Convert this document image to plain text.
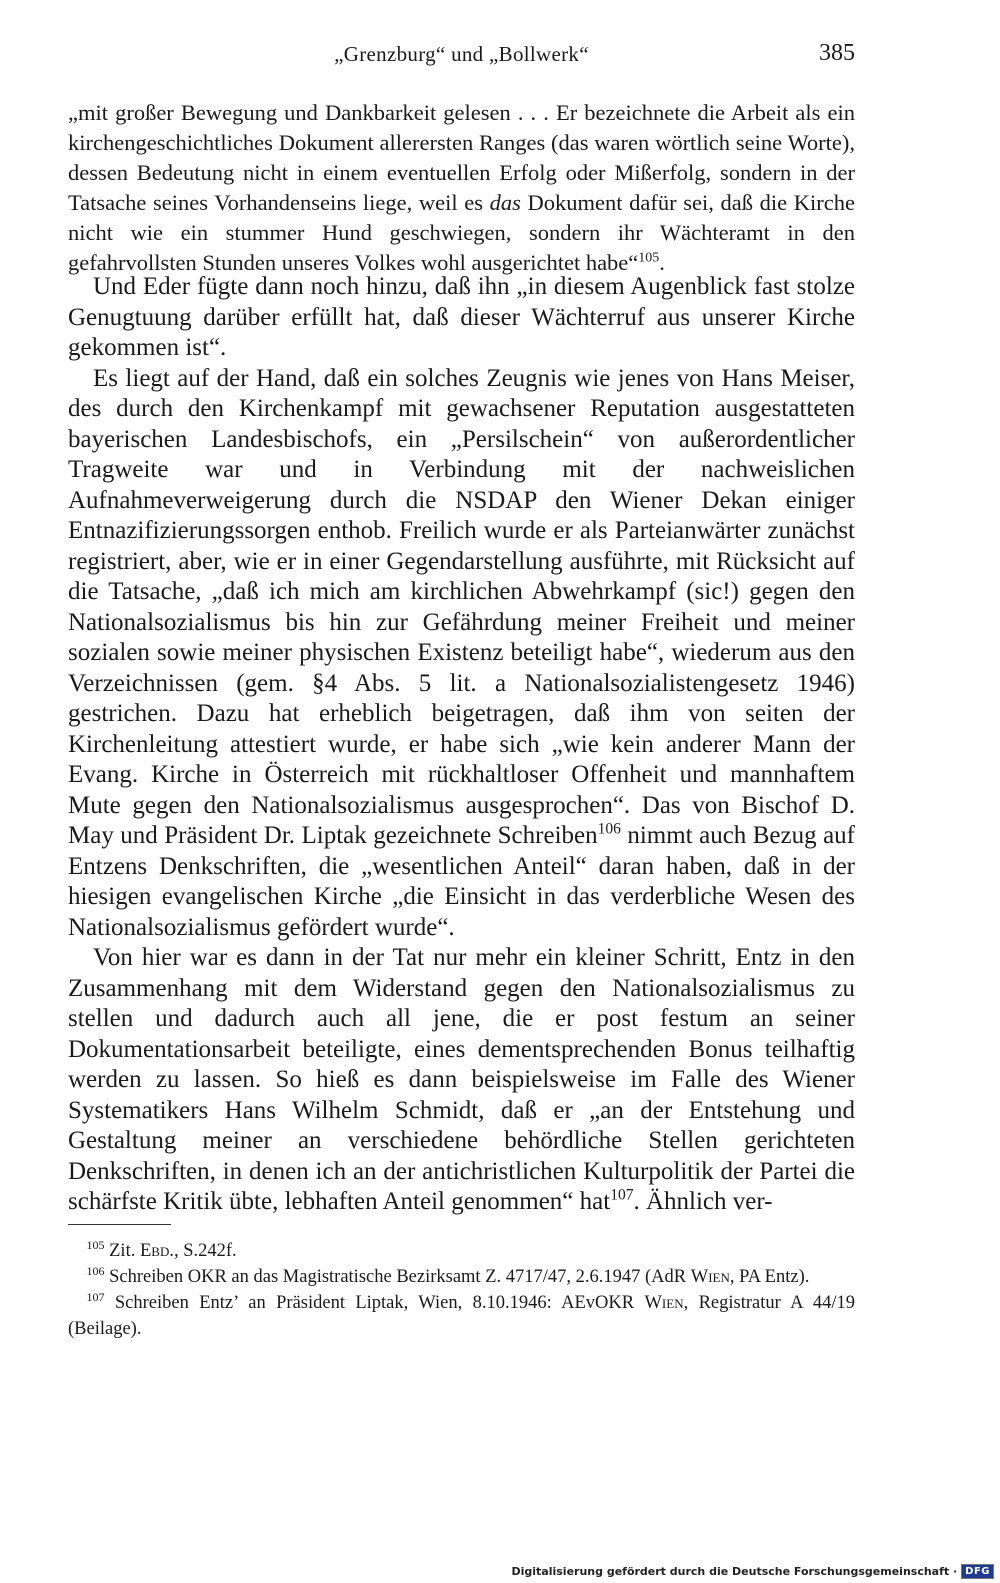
„Grenzburg“ und „Bollwerk“	385
„mit großer Bewegung und Dankbarkeit gelesen . . . Er bezeichnete die Arbeit als ein kirchengeschichtliches Dokument allerersten Ranges (das waren wörtlich seine Worte), dessen Bedeutung nicht in einem eventuellen Erfolg oder Mißerfolg, sondern in der Tatsache seines Vorhandenseins liege, weil es das Dokument dafür sei, daß die Kirche nicht wie ein stummer Hund geschwiegen, sondern ihr Wächteramt in den gefahrvollsten Stunden unseres Volkes wohl ausgerichtet habe“$^{105}$.

 Und Eder fügte dann noch hinzu, daß ihn „in diesem Augenblick fast stolze Genugtuung darüber erfüllt hat, daß dieser Wächterruf aus unserer Kirche gekommen ist“.

 Es liegt auf der Hand, daß ein solches Zeugnis wie jenes von Hans Meiser, des durch den Kirchenkampf mit gewachsener Reputation ausgestatteten bayerischen Landesbischofs, ein „Persilschein“ von außerordentlicher Tragweite war und in Verbindung mit der nachweislichen Aufnahmeverweigerung durch die NSDAP den Wiener Dekan einiger Entnazifizierungssorgen enthob. Freilich wurde er als Parteianwärter zunächst registriert, aber, wie er in einer Gegendarstellung ausführte, mit Rücksicht auf die Tatsache, „daß ich mich am kirchlichen Abwehrkampf (sic!) gegen den Nationalsozialismus bis hin zur Gefährdung meiner Freiheit und meiner sozialen sowie meiner physischen Existenz beteiligt habe“, wiederum aus den Verzeichnissen (gem. §4 Abs. 5 lit. a Nationalsozialistengesetz 1946) gestrichen. Dazu hat erheblich beigetragen, daß ihm von seiten der Kirchenleitung attestiert wurde, er habe sich „wie kein anderer Mann der Evang. Kirche in Österreich mit rückhaltloser Offenheit und mannhaftem Mute gegen den Nationalsozialismus ausgesprochen“. Das von Bischof D. May und Präsident Dr. Liptak gezeichnete Schreiben$^{106}$ nimmt auch Bezug auf Entzens Denkschriften, die „wesentlichen Anteil“ daran haben, daß in der hiesigen evangelischen Kirche „die Einsicht in das verderbliche Wesen des Nationalsozialismus gefördert wurde“.

 Von hier war es dann in der Tat nur mehr ein kleiner Schritt, Entz in den Zusammenhang mit dem Widerstand gegen den Nationalsozialismus zu stellen und dadurch auch all jene, die er post festum an seiner Dokumentationsarbeit beteiligte, eines dementsprechenden Bonus teilhaftig werden zu lassen. So hieß es dann beispielsweise im Falle des Wiener Systematikers Hans Wilhelm Schmidt, daß er „an der Entstehung und Gestaltung meiner an verschiedene behördliche Stellen gerichteten Denkschriften, in denen ich an der antichristlichen Kulturpolitik der Partei die schärfste Kritik übte, lebhaften Anteil genommen“ hat$^{107}$. Ähnlich ver-

 $^{105}$ Zit. Ebd., S.242f.

 $^{106}$ Schreiben OKR an das Magistratische Bezirksamt Z. 4717/47, 2.6.1947 (AdR Wien, PA Entz).

 $^{107}$ Schreiben Entz’ an Präsident Liptak, Wien, 8.10.1946: AEvOKR Wien, Registratur A 44/19 (Beilage).

Digitalisierung gefördert durch die Deutsche Forschungsgemeinschaft · DFG
